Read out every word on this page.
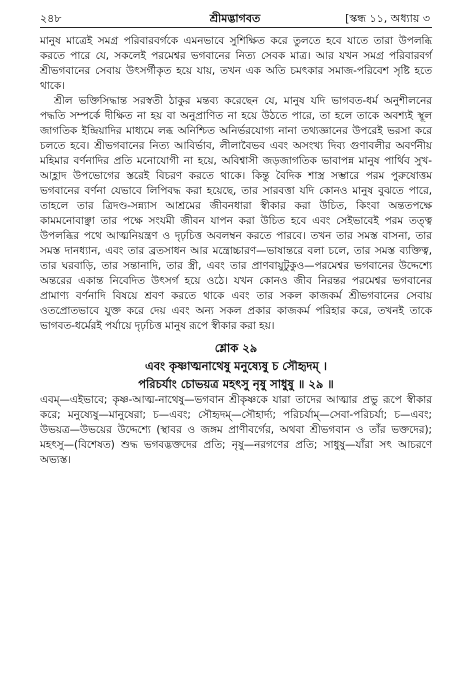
২৪৮	শ্রীমদ্ভাগবত	[স্কন্ধ ১১, অধ্যায় ৩

মানুষ মাত্রেই সমগ্র পরিবারবর্গকে এমনভাবে সুশিক্ষিত করে তুলতে হবে যাতে তারা উপলব্ধি করতে পারে যে, সকলেই পরমেশ্বর ভগবানের নিত্য সেবক মাত্র। আর যখন সমগ্র পরিবারবর্গ শ্রীভগবানের সেবায় উৎসর্গীকৃত হয়ে যায়, তখন এক অতি চমৎকার সমাজ-পরিবেশ সৃষ্টি হতে থাকে।

শ্রীল ভক্তিসিদ্ধান্ত সরস্বতী ঠাকুর মন্তব্য করেছেন যে, মানুষ যদি ভাগবত-ধর্ম অনুশীলনের পদ্ধতি সম্পর্কে দীক্ষিত না হয় বা অনুপ্রাণিত না হয়ে উঠতে পারে, তা হলে তাকে অবশ্যই স্থূল জাগতিক ইন্দ্রিয়াদির মাধ্যমে লব্ধ অনিশ্চিত অনির্ভরযোগ্য নানা তথ্যজ্ঞানের উপরেই ভরসা করে চলতে হবে। শ্রীভগবানের নিত্য আবির্ভাব, লীলাবৈভব এবং অসংখ্য দিব্য গুণাবলীর অবর্ণনীয় মহিমার বর্ণনাদির প্রতি মনোযোগী না হয়ে, অবিশ্বাসী জড়জাগতিক ভাবাপন্ন মানুষ পার্থিব সুখ-আহ্লাদ উপভোগের স্তরেই বিচরণ করতে থাকে। কিন্তু বৈদিক শাস্ত্র সম্ভারে পরম পুরুষোত্তম ভগবানের বর্ণনা যেভাবে লিপিবদ্ধ করা হয়েছে, তার সারবত্তা যদি কোনও মানুষ বুঝতে পারে, তাহলে তার ত্রিদণ্ড-সন্ন্যাস আশ্রমের জীবনধারা স্বীকার করা উচিত, কিংবা অন্ততপক্ষে কামমনোবাঞ্ছা তার পক্ষে সংযমী জীবন যাপন করা উচিত হবে এবং সেইভাবেই পরম তত্ত্ব উপলব্ধির পথে আত্মনিয়ন্ত্রণ ও দৃঢ়চিত্ত অবলম্বন করতে পারবে। তখন তার সমস্ত বাসনা, তার সমস্ত দানধ্যান, এবং তার ব্রতসাধন আর মন্ত্রোচ্চারণ—ভাষান্তরে বলা চলে, তার সমস্ত ব্যক্তিত্ব, তার ঘরবাড়ি, তার সন্তানাদি, তার স্ত্রী, এবং তার প্রাণবায়ুটুকুও—পরমেশ্বর ভগবানের উদ্দেশ্যে অন্তরের একান্ত নিবেদিত উৎসর্গ হয়ে ওঠে। যখন কোনও জীব নিরন্তর পরমেশ্বর ভগবানের প্রামাণ্য বর্ণনাদি বিষয়ে শ্রবণ করতে থাকে এবং তার সকল কাজকর্ম শ্রীভগবানের সেবায় ওতপ্রোতভাবে যুক্ত করে দেয় এবং অন্য সকল প্রকার কাজকর্ম পরিহার করে, তখনই তাকে ভাগবত-ধর্মেরই পর্যায়ে দৃঢ়চিত্ত মানুষ রূপে স্বীকার করা হয়।

শ্লোক ২৯
এবং কৃষ্ণাত্মনাথেষু মনুষ্যেষু চ সৌহৃদম্ ।
পরিচর্যাং চোভয়ত্র মহৎসু নৃষু সাধুষু ॥ ২৯ ॥

এবম্—এইভাবে; কৃষ্ণ-আত্ম-নাথেষু—ভগবান শ্রীকৃষ্ণকে যারা তাদের আত্মার প্রভু রূপে স্বীকার করে; মনুষ্যেষু—মানুষেরা; চ—এবং; সৌহৃদম্—সৌহার্দ্য; পরিচর্যাম্—সেবা-পরিচর্যা; চ—এবং; উভয়ত্র—উভয়ের উদ্দেশ্যে (স্থাবর ও জঙ্গম প্রাণীবর্গের, অথবা শ্রীভগবান ও তাঁর ভক্তদের); মহৎসু—(বিশেষত) শুদ্ধ ভগবদ্ভক্তদের প্রতি; নৃষু—নরগণের প্রতি; সাধুষু—যাঁরা সৎ আচরণে অভ্যস্ত।
